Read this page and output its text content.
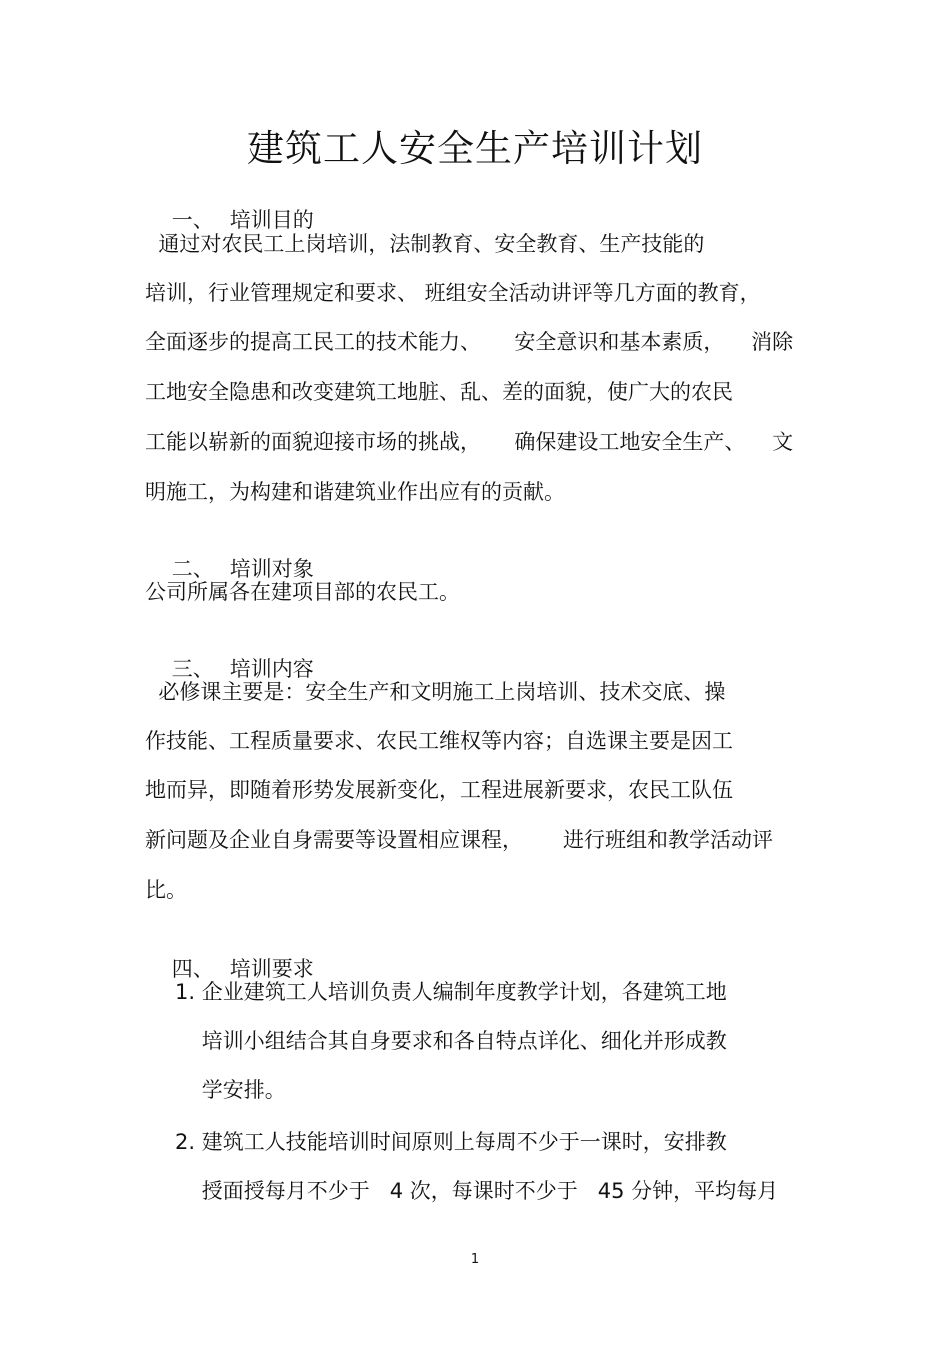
建筑工人安全生产培训计划

一、 培训目的

通过对农民工上岗培训，法制教育、安全教育、生产技能的
培训，行业管理规定和要求、 班组安全活动讲评等几方面的教育，
全面逐步的提高工民工的技术能力、     安全意识和基本素质，    消除
工地安全隐患和改变建筑工地脏、乱、差的面貌，使广大的农民
工能以崭新的面貌迎接市场的挑战，     确保建设工地安全生产、    文
明施工，为构建和谐建筑业作出应有的贡献。

二、 培训对象

公司所属各在建项目部的农民工。

三、 培训内容

必修课主要是：安全生产和文明施工上岗培训、技术交底、操
作技能、工程质量要求、农民工维权等内容；自选课主要是因工
地而异，即随着形势发展新变化，工程进展新要求，农民工队伍
新问题及企业自身需要等设置相应课程，      进行班组和教学活动评
比。

四、 培训要求

1. 企业建筑工人培训负责人编制年度教学计划，各建筑工地
培训小组结合其自身要求和各自特点详化、细化并形成教
学安排。
2. 建筑工人技能培训时间原则上每周不少于一课时，安排教
授面授每月不少于   4 次，每课时不少于   45 分钟，平均每月
1
